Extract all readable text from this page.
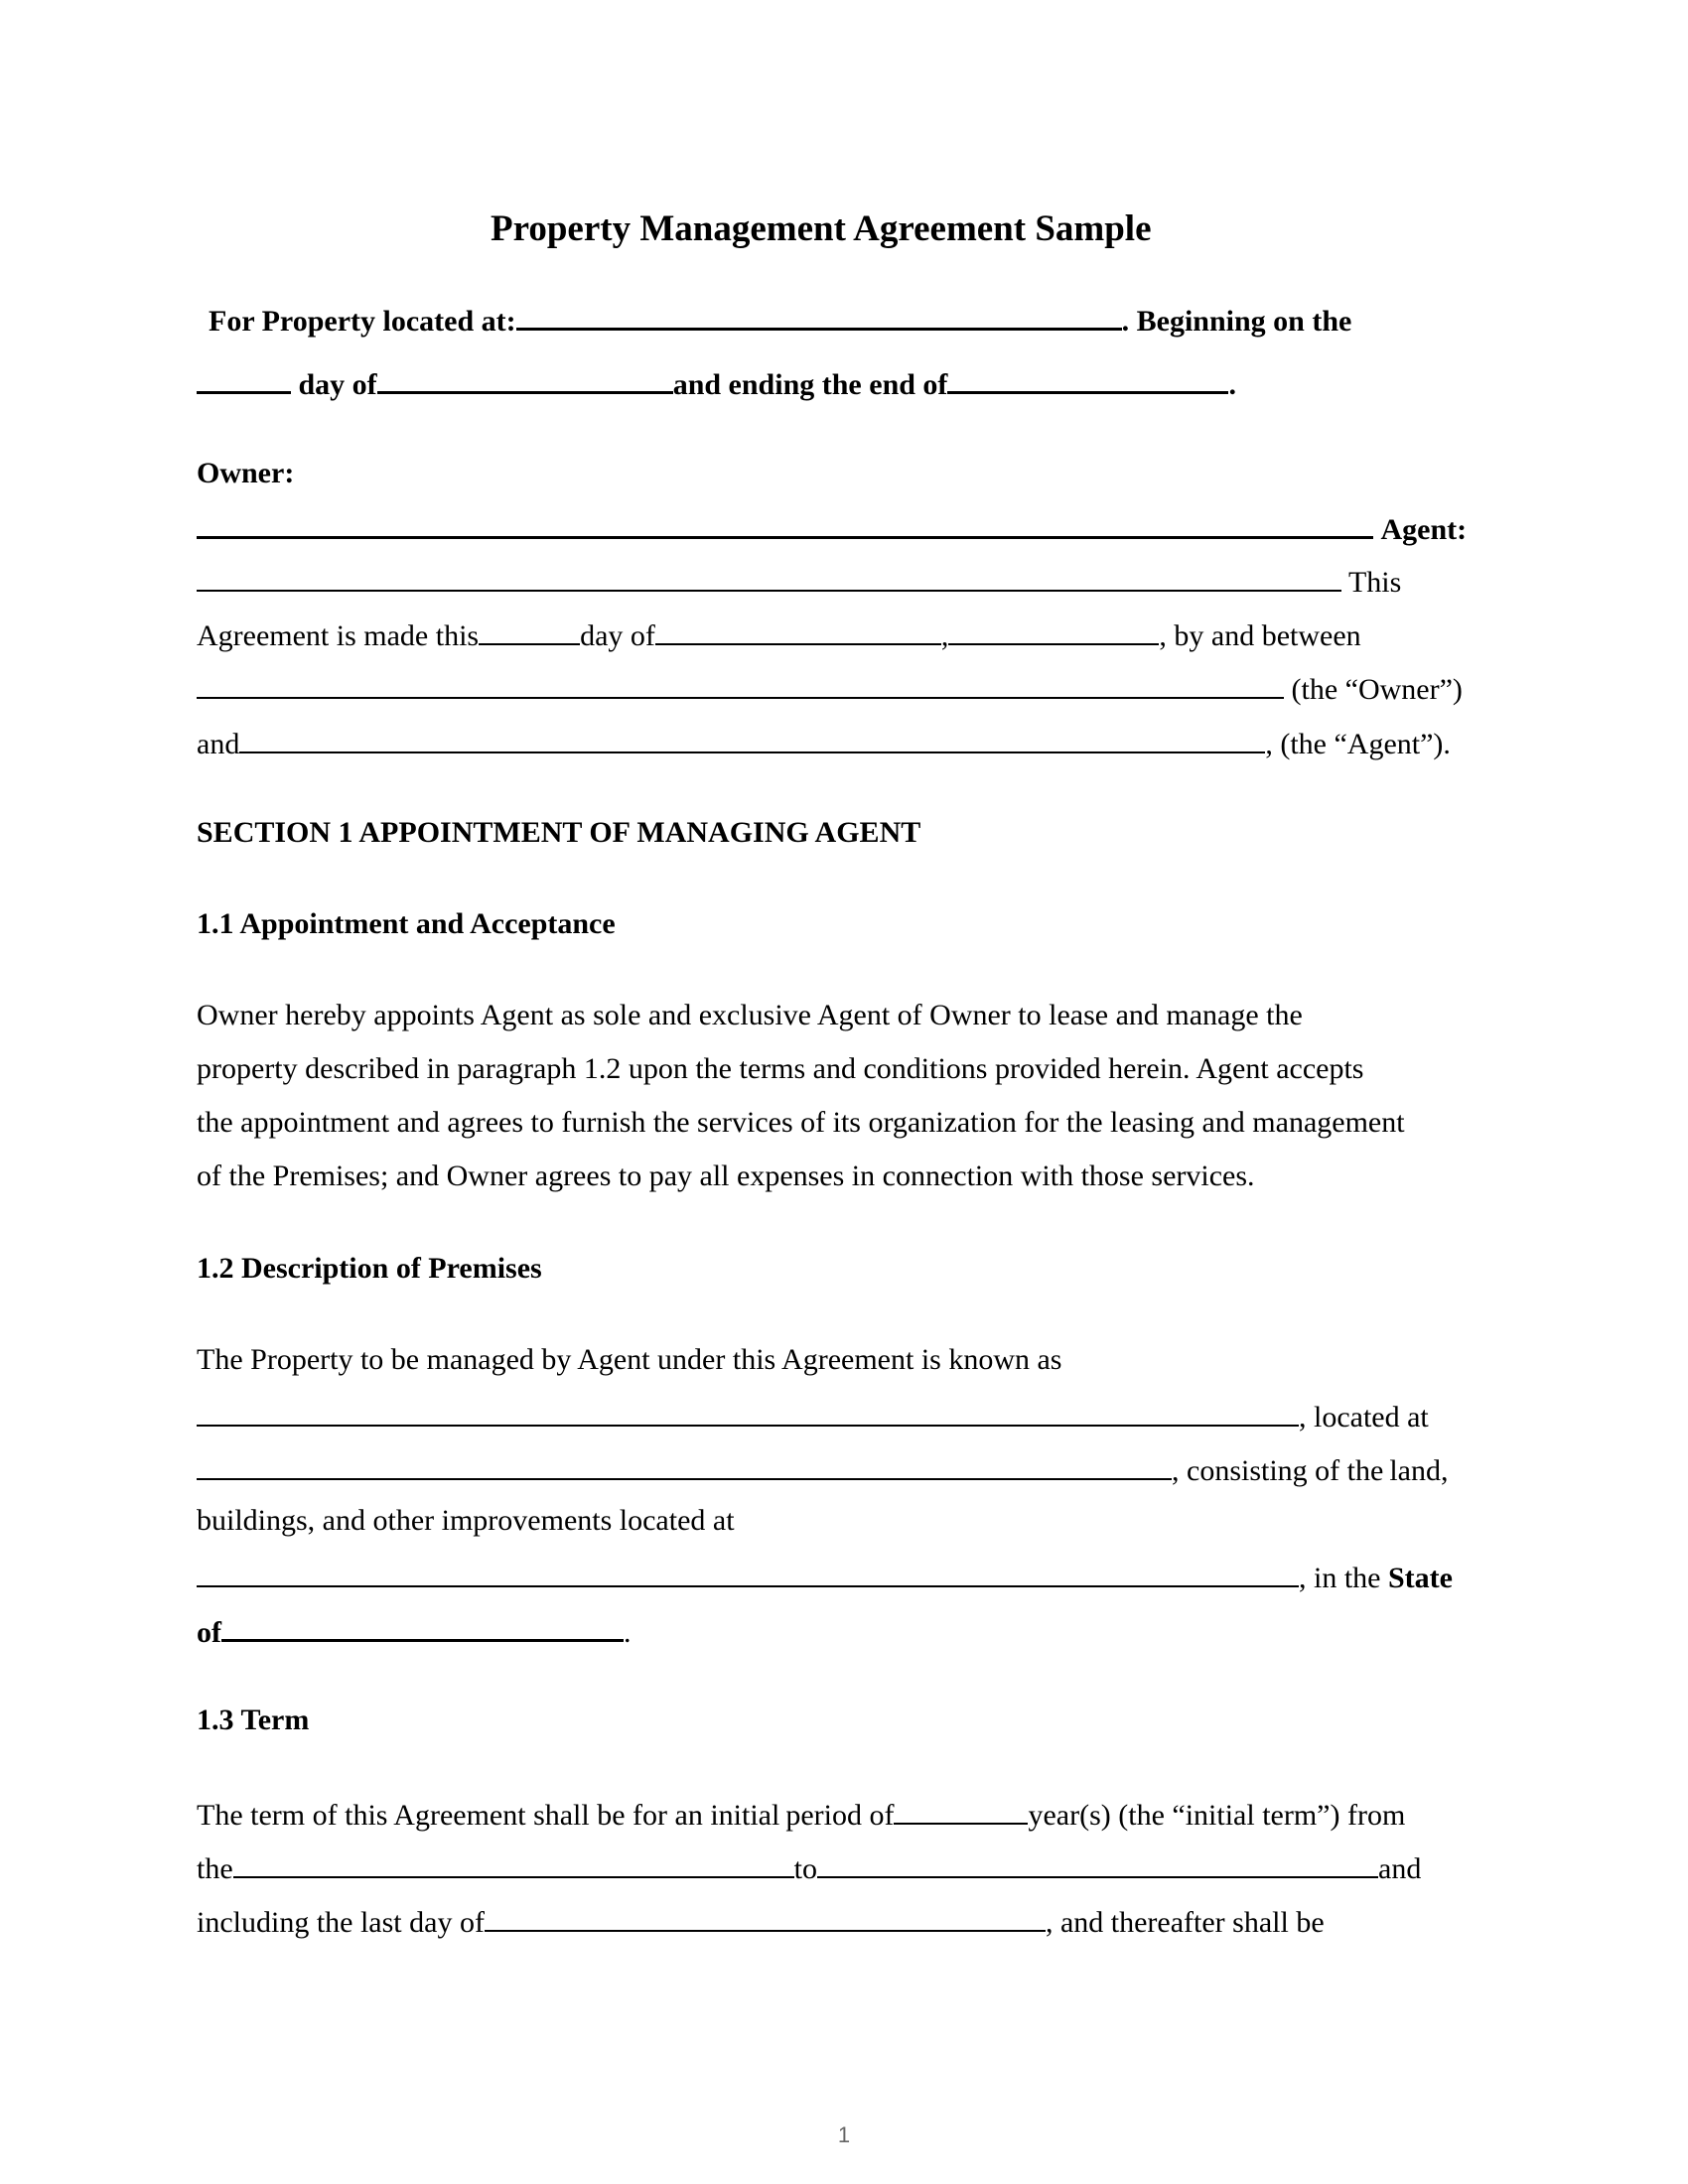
Property Management Agreement Sample
For Property located at:	. Beginning on the
day of	and ending the end of	.
Owner:
Agent:
This
Agreement is made this	day of	,	, by and between
(the “Owner”)
and	, (the “Agent”).
SECTION 1 APPOINTMENT OF MANAGING AGENT
1.1 Appointment and Acceptance
Owner hereby appoints Agent as sole and exclusive Agent of Owner to lease and manage the
property described in paragraph 1.2 upon the terms and conditions provided herein. Agent accepts
the appointment and agrees to furnish the services of its organization for the leasing and management
of the Premises; and Owner agrees to pay all expenses in connection with those services.
1.2 Description of Premises
The Property to be managed by Agent under this Agreement is known as
, located at
, consisting of the land,
buildings, and other improvements located at
, in the State
of	.
1.3 Term
The term of this Agreement shall be for an initial period of	year(s) (the “initial term”) from
the	to	and
including the last day of	, and thereafter shall be
1
